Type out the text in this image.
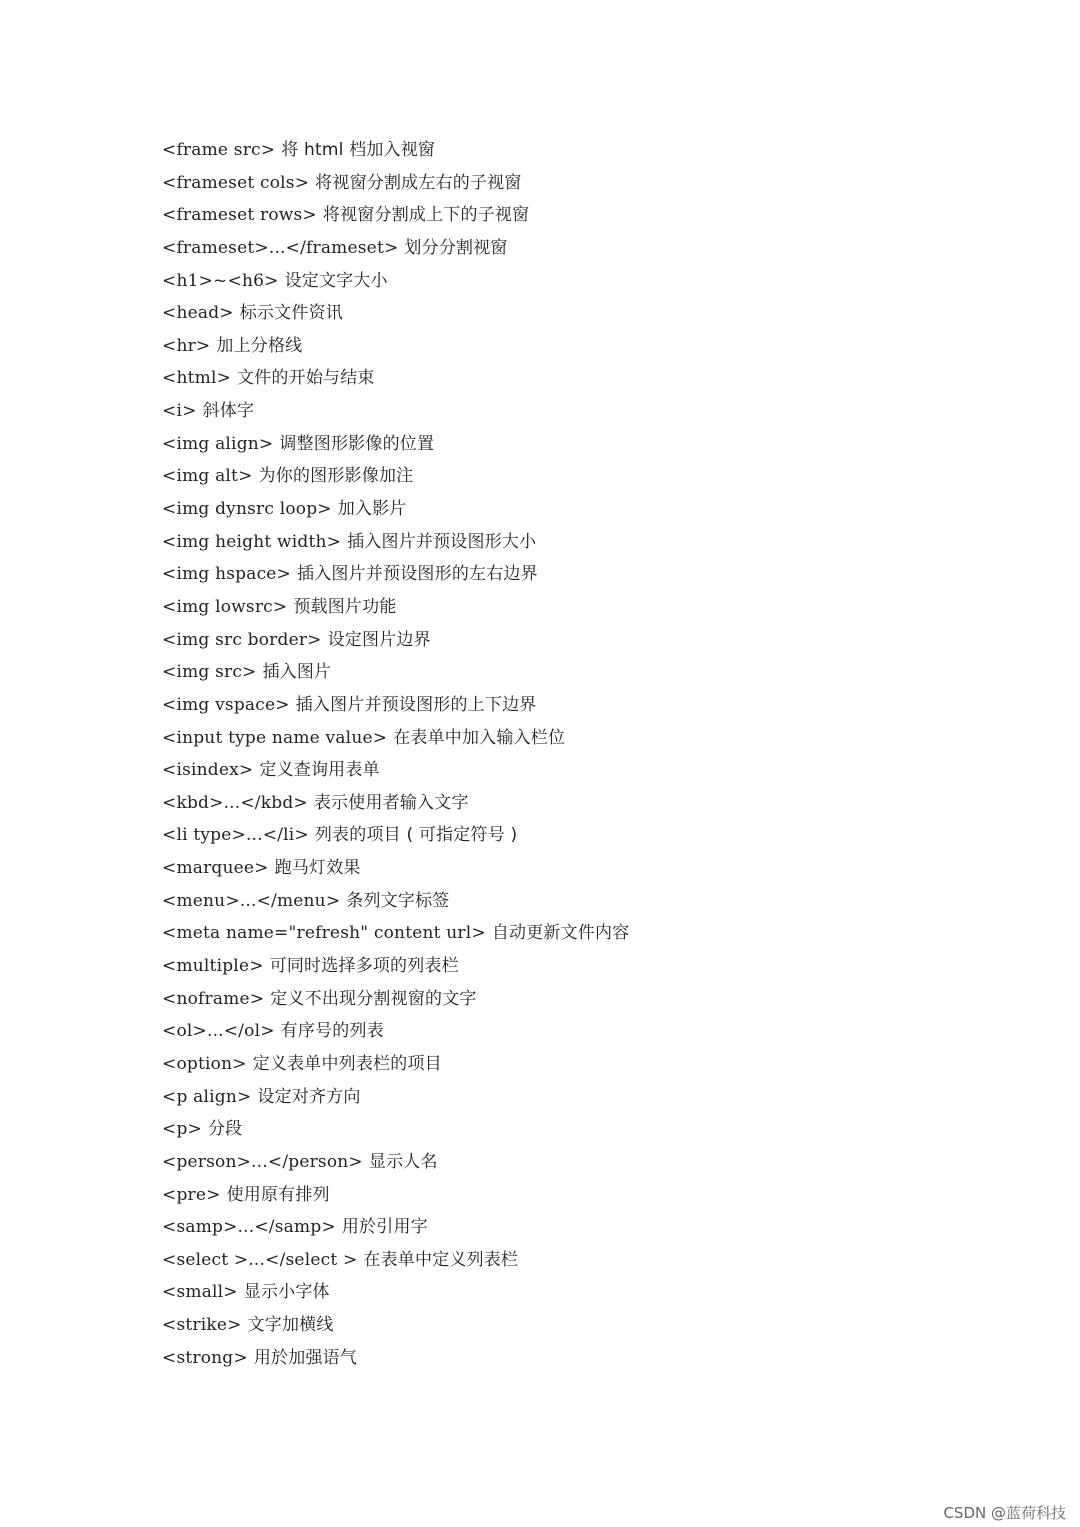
<frame src> 将 html 档加入视窗
<frameset cols> 将视窗分割成左右的子视窗
<frameset rows> 将视窗分割成上下的子视窗
<frameset>...</frameset> 划分分割视窗
<h1>~<h6> 设定文字大小
<head> 标示文件资讯
<hr> 加上分格线
<html> 文件的开始与结束
<i> 斜体字
<img align> 调整图形影像的位置
<img alt> 为你的图形影像加注
<img dynsrc loop> 加入影片
<img height width> 插入图片并预设图形大小
<img hspace> 插入图片并预设图形的左右边界
<img lowsrc> 预载图片功能
<img src border> 设定图片边界
<img src> 插入图片
<img vspace> 插入图片并预设图形的上下边界
<input type name value> 在表单中加入输入栏位
<isindex> 定义查询用表单
<kbd>...</kbd> 表示使用者输入文字
<li type>...</li> 列表的项目 ( 可指定符号 )
<marquee> 跑马灯效果
<menu>...</menu> 条列文字标签
<meta name="refresh" content url> 自动更新文件内容
<multiple> 可同时选择多项的列表栏
<noframe> 定义不出现分割视窗的文字
<ol>...</ol> 有序号的列表
<option> 定义表单中列表栏的项目
<p align> 设定对齐方向
<p> 分段
<person>...</person> 显示人名
<pre> 使用原有排列
<samp>...</samp> 用於引用字
<select >...</select > 在表单中定义列表栏
<small> 显示小字体
<strike> 文字加横线
<strong> 用於加强语气
CSDN @蓝荷科技
